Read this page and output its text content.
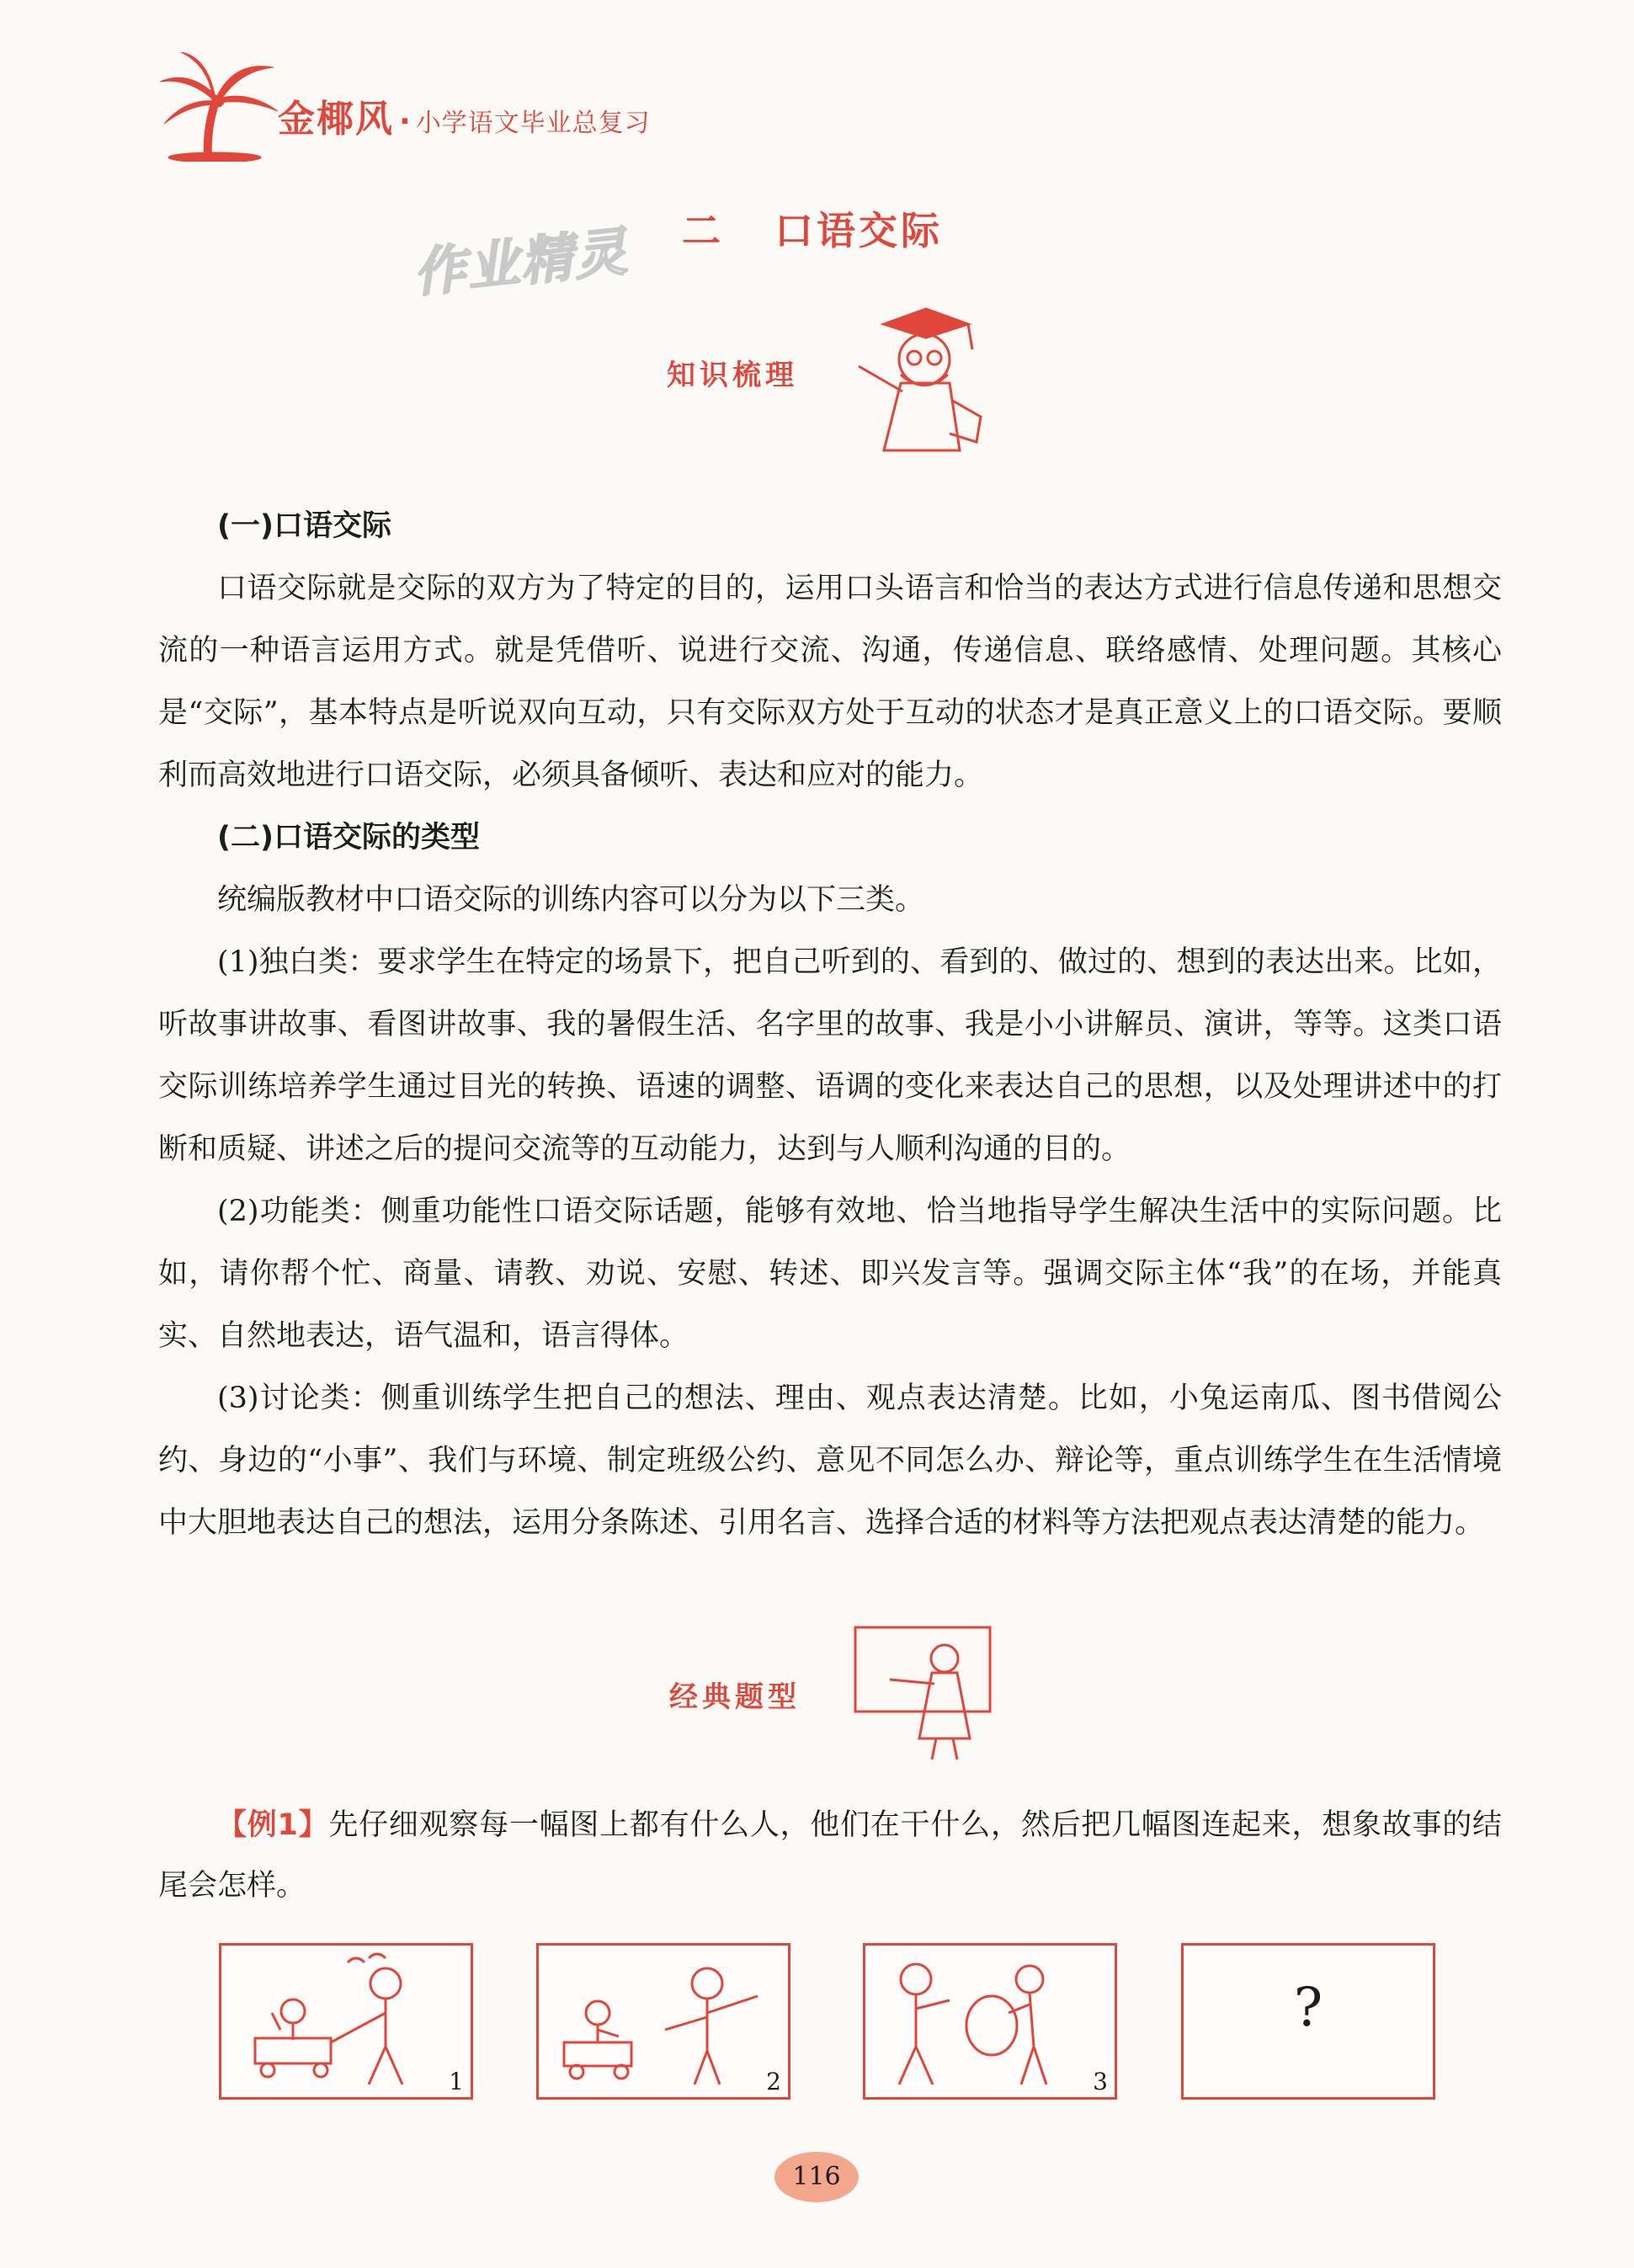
金椰风 · 小学语文毕业总复习
二 口语交际
作业精灵
知识梳理
(一)口语交际

口语交际就是交际的双方为了特定的目的，运用口头语言和恰当的表达方式进行信息传递和思想交流的一种语言运用方式。就是凭借听、说进行交流、沟通，传递信息、联络感情、处理问题。其核心是“交际”，基本特点是听说双向互动，只有交际双方处于互动的状态才是真正意义上的口语交际。要顺利而高效地进行口语交际，必须具备倾听、表达和应对的能力。

(二)口语交际的类型

统编版教材中口语交际的训练内容可以分为以下三类。

(1)独白类：要求学生在特定的场景下，把自己听到的、看到的、做过的、想到的表达出来。比如，听故事讲故事、看图讲故事、我的暑假生活、名字里的故事、我是小小讲解员、演讲，等等。这类口语交际训练培养学生通过目光的转换、语速的调整、语调的变化来表达自己的思想，以及处理讲述中的打断和质疑、讲述之后的提问交流等的互动能力，达到与人顺利沟通的目的。

(2)功能类：侧重功能性口语交际话题，能够有效地、恰当地指导学生解决生活中的实际问题。比如，请你帮个忙、商量、请教、劝说、安慰、转述、即兴发言等。强调交际主体“我”的在场，并能真实、自然地表达，语气温和，语言得体。

(3)讨论类：侧重训练学生把自己的想法、理由、观点表达清楚。比如，小兔运南瓜、图书借阅公约、身边的“小事”、我们与环境、制定班级公约、意见不同怎么办、辩论等，重点训练学生在生活情境中大胆地表达自己的想法，运用分条陈述、引用名言、选择合适的材料等方法把观点表达清楚的能力。

经典题型
【例1】先仔细观察每一幅图上都有什么人，他们在干什么，然后把几幅图连起来，想象故事的结尾会怎样。
1	2	3
?
116
